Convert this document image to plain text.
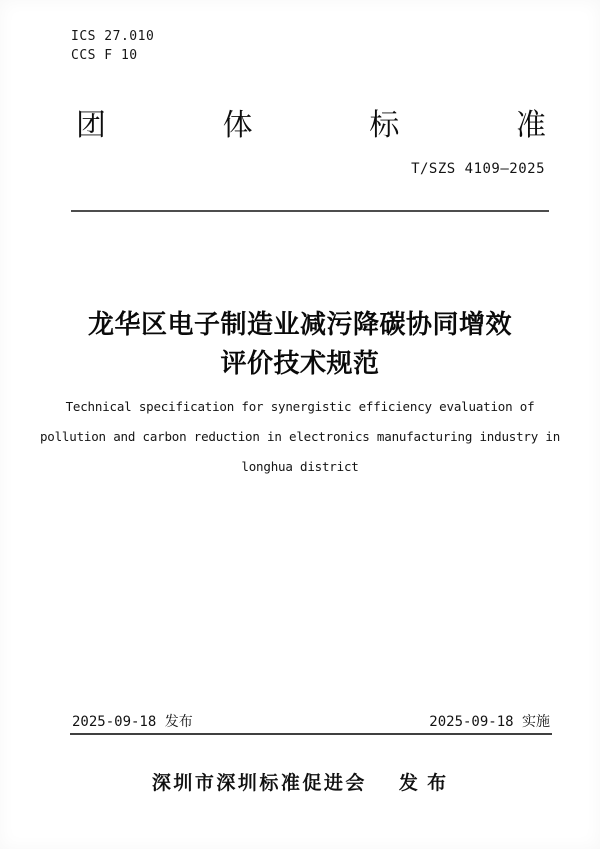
ICS 27.010
CCS F 10
团	体	标	准
T/SZS 4109—2025
龙华区电子制造业减污降碳协同增效
评价技术规范
Technical specification for synergistic efficiency evaluation of
pollution and carbon reduction in electronics manufacturing industry in
longhua district
2025-09-18 发布	2025-09-18 实施
深圳市深圳标准促进会 发 布
